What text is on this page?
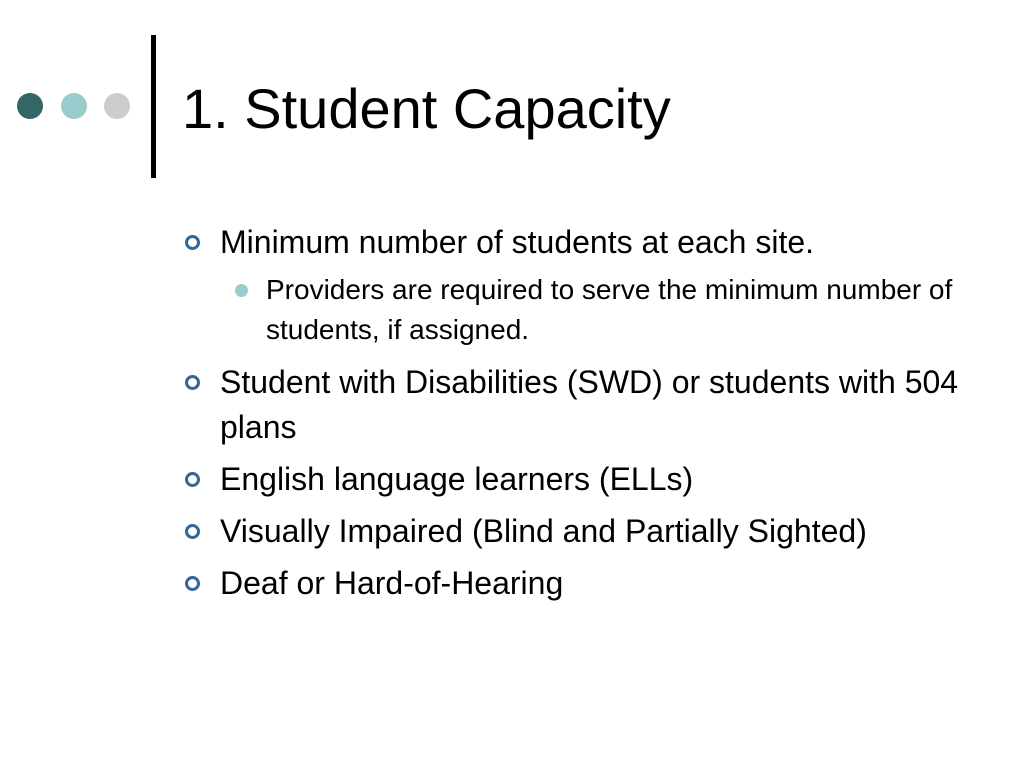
1. Student Capacity
Minimum number of students at each site.
Providers are required to serve the minimum number of students, if assigned.
Student with Disabilities (SWD) or students with 504 plans
English language learners (ELLs)
Visually Impaired (Blind and Partially Sighted)
Deaf or Hard-of-Hearing
